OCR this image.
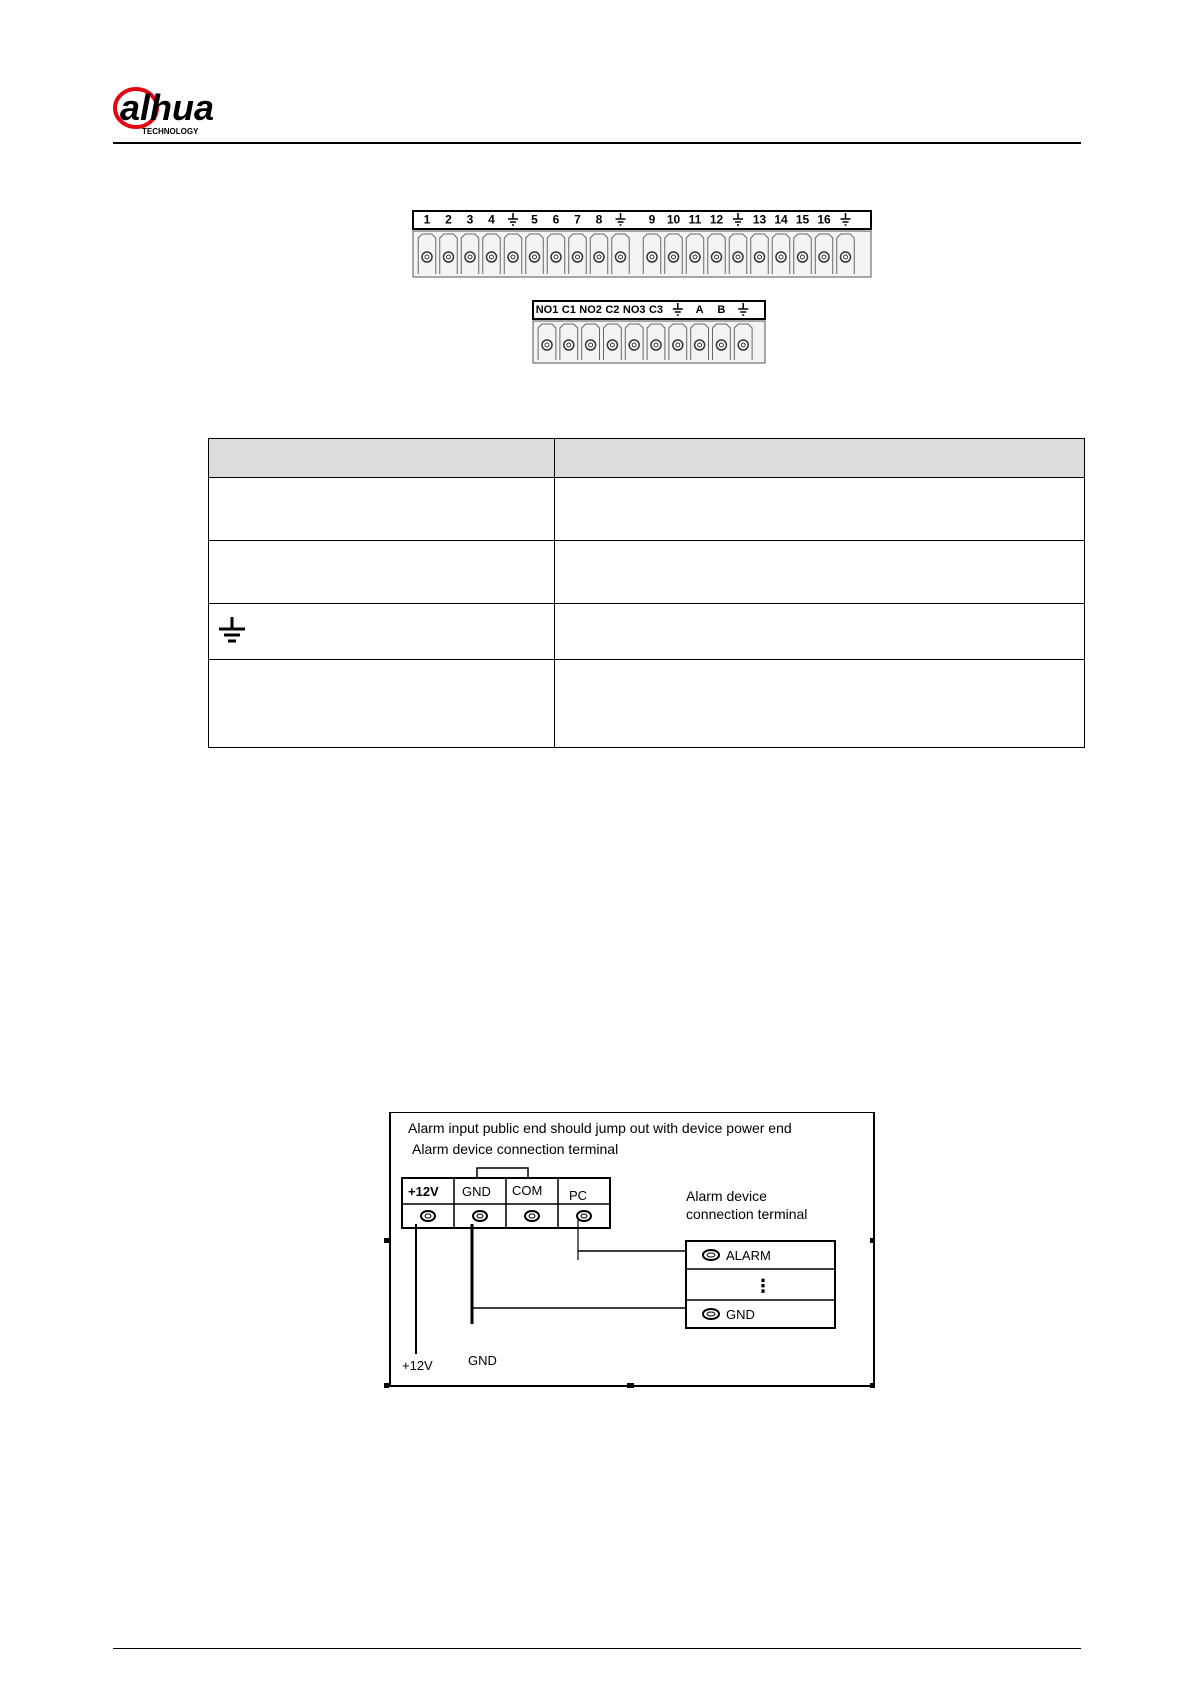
alhua
TECHNOLOGY
1 2 3 4	5 6 7 8	9 10 11 12 13 14 15 16
NO1 C1 NO2 C2 NO3 C3	A B

Alarm input public end should jump out with device power end
Alarm device connection terminal
+12V GND COM PC	Alarm device
connection terminal
ALARM
⋮
GND
+12V	GND
